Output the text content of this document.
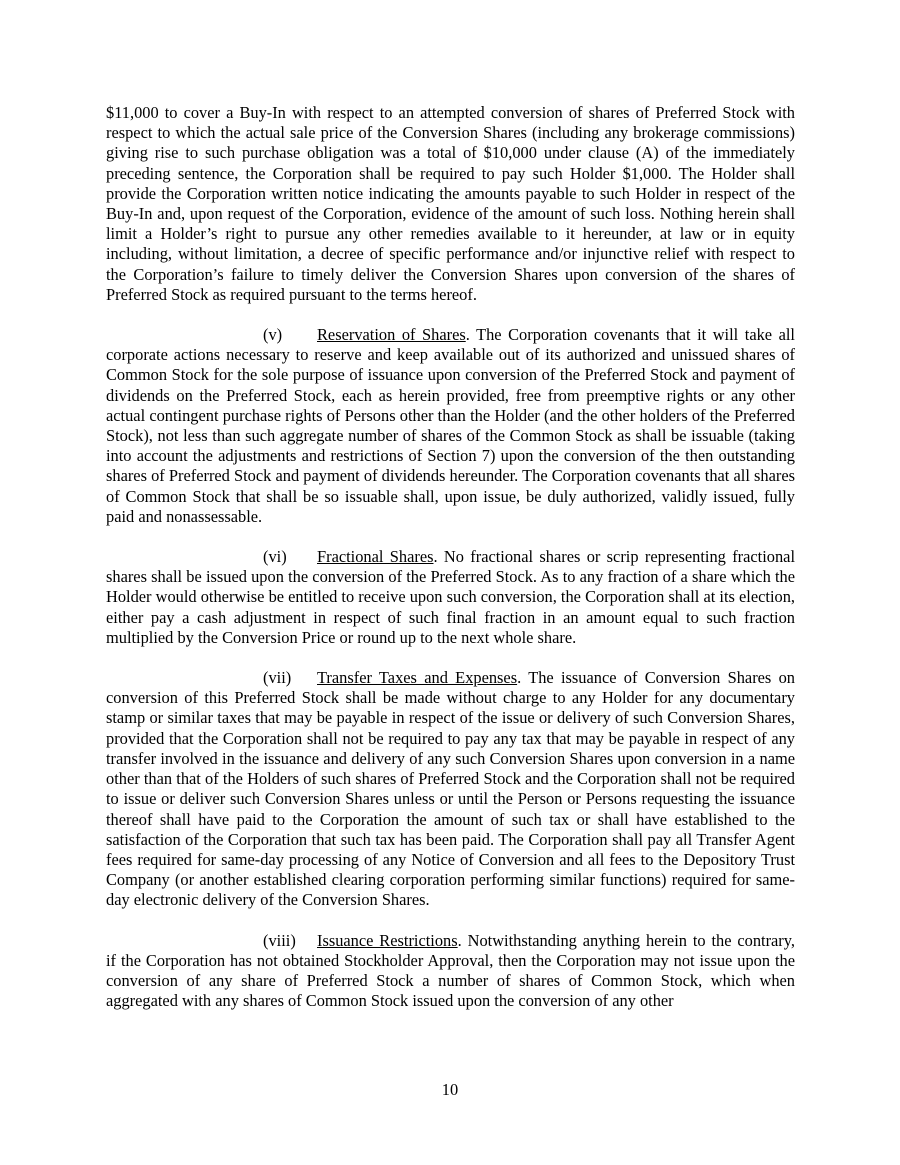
$11,000 to cover a Buy-In with respect to an attempted conversion of shares of Preferred Stock with respect to which the actual sale price of the Conversion Shares (including any brokerage commissions) giving rise to such purchase obligation was a total of $10,000 under clause (A) of the immediately preceding sentence, the Corporation shall be required to pay such Holder $1,000. The Holder shall provide the Corporation written notice indicating the amounts payable to such Holder in respect of the Buy-In and, upon request of the Corporation, evidence of the amount of such loss. Nothing herein shall limit a Holder’s right to pursue any other remedies available to it hereunder, at law or in equity including, without limitation, a decree of specific performance and/or injunctive relief with respect to the Corporation’s failure to timely deliver the Conversion Shares upon conversion of the shares of Preferred Stock as required pursuant to the terms hereof.

(v) Reservation of Shares. The Corporation covenants that it will take all corporate actions necessary to reserve and keep available out of its authorized and unissued shares of Common Stock for the sole purpose of issuance upon conversion of the Preferred Stock and payment of dividends on the Preferred Stock, each as herein provided, free from preemptive rights or any other actual contingent purchase rights of Persons other than the Holder (and the other holders of the Preferred Stock), not less than such aggregate number of shares of the Common Stock as shall be issuable (taking into account the adjustments and restrictions of Section 7) upon the conversion of the then outstanding shares of Preferred Stock and payment of dividends hereunder. The Corporation covenants that all shares of Common Stock that shall be so issuable shall, upon issue, be duly authorized, validly issued, fully paid and nonassessable.

(vi) Fractional Shares. No fractional shares or scrip representing fractional shares shall be issued upon the conversion of the Preferred Stock. As to any fraction of a share which the Holder would otherwise be entitled to receive upon such conversion, the Corporation shall at its election, either pay a cash adjustment in respect of such final fraction in an amount equal to such fraction multiplied by the Conversion Price or round up to the next whole share.

(vii) Transfer Taxes and Expenses. The issuance of Conversion Shares on conversion of this Preferred Stock shall be made without charge to any Holder for any documentary stamp or similar taxes that may be payable in respect of the issue or delivery of such Conversion Shares, provided that the Corporation shall not be required to pay any tax that may be payable in respect of any transfer involved in the issuance and delivery of any such Conversion Shares upon conversion in a name other than that of the Holders of such shares of Preferred Stock and the Corporation shall not be required to issue or deliver such Conversion Shares unless or until the Person or Persons requesting the issuance thereof shall have paid to the Corporation the amount of such tax or shall have established to the satisfaction of the Corporation that such tax has been paid. The Corporation shall pay all Transfer Agent fees required for same-day processing of any Notice of Conversion and all fees to the Depository Trust Company (or another established clearing corporation performing similar functions) required for same-day electronic delivery of the Conversion Shares.

(viii) Issuance Restrictions. Notwithstanding anything herein to the contrary, if the Corporation has not obtained Stockholder Approval, then the Corporation may not issue upon the conversion of any share of Preferred Stock a number of shares of Common Stock, which when aggregated with any shares of Common Stock issued upon the conversion of any other

10
